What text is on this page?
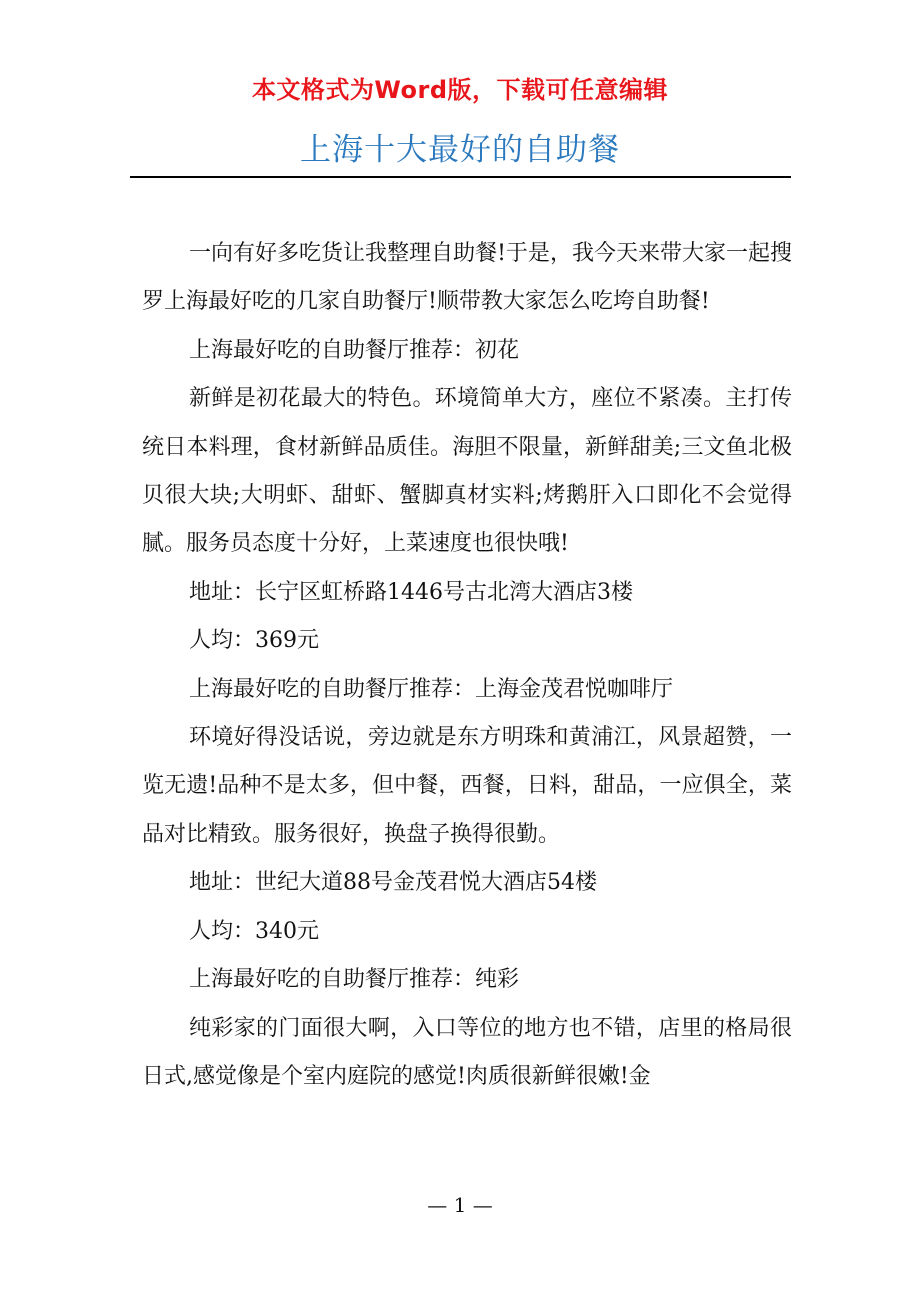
本文格式为Word版，下载可任意编辑
上海十大最好的自助餐

一向有好多吃货让我整理自助餐!于是，我今天来带大家一起搜罗上海最好吃的几家自助餐厅!顺带教大家怎么吃垮自助餐!

上海最好吃的自助餐厅推荐：初花

新鲜是初花最大的特色。环境简单大方，座位不紧凑。主打传统日本料理，食材新鲜品质佳。海胆不限量，新鲜甜美;三文鱼北极贝很大块;大明虾、甜虾、蟹脚真材实料;烤鹅肝入口即化不会觉得腻。服务员态度十分好，上菜速度也很快哦!

地址：长宁区虹桥路1446号古北湾大酒店3楼

人均：369元

上海最好吃的自助餐厅推荐：上海金茂君悦咖啡厅

环境好得没话说，旁边就是东方明珠和黄浦江，风景超赞，一览无遗!品种不是太多，但中餐，西餐，日料，甜品，一应俱全，菜品对比精致。服务很好，换盘子换得很勤。

地址：世纪大道88号金茂君悦大酒店54楼

人均：340元

上海最好吃的自助餐厅推荐：纯彩

纯彩家的门面很大啊，入口等位的地方也不错，店里的格局很日式,感觉像是个室内庭院的感觉!肉质很新鲜很嫩!金

— 1 —
